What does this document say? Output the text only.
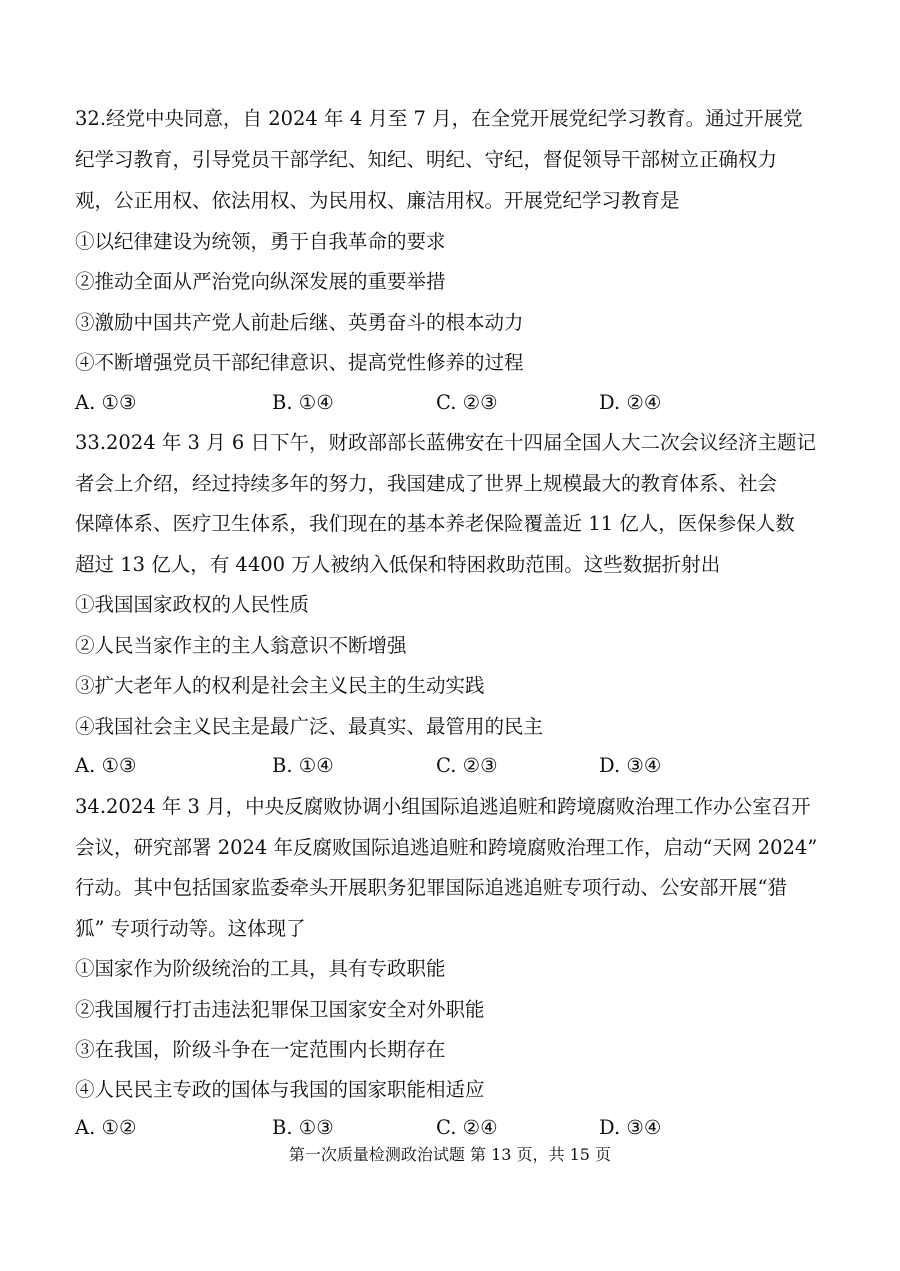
32.经党中央同意，自 2024 年 4 月至 7 月，在全党开展党纪学习教育。通过开展党
纪学习教育，引导党员干部学纪、知纪、明纪、守纪，督促领导干部树立正确权力
观，公正用权、依法用权、为民用权、廉洁用权。开展党纪学习教育是
①以纪律建设为统领，勇于自我革命的要求
②推动全面从严治党向纵深发展的重要举措
③激励中国共产党人前赴后继、英勇奋斗的根本动力
④不断增强党员干部纪律意识、提高党性修养的过程
A. ①③	B. ①④	C. ②③	D. ②④
33.2024 年 3 月 6 日下午，财政部部长蓝佛安在十四届全国人大二次会议经济主题记
者会上介绍，经过持续多年的努力，我国建成了世界上规模最大的教育体系、社会
保障体系、医疗卫生体系，我们现在的基本养老保险覆盖近 11 亿人，医保参保人数
超过 13 亿人，有 4400 万人被纳入低保和特困救助范围。这些数据折射出
①我国国家政权的人民性质
②人民当家作主的主人翁意识不断增强
③扩大老年人的权利是社会主义民主的生动实践
④我国社会主义民主是最广泛、最真实、最管用的民主
A. ①③	B. ①④	C. ②③	D. ③④
34.2024 年 3 月，中央反腐败协调小组国际追逃追赃和跨境腐败治理工作办公室召开
会议，研究部署 2024 年反腐败国际追逃追赃和跨境腐败治理工作，启动“天网 2024”
行动。其中包括国家监委牵头开展职务犯罪国际追逃追赃专项行动、公安部开展“猎
狐” 专项行动等。这体现了
①国家作为阶级统治的工具，具有专政职能
②我国履行打击违法犯罪保卫国家安全对外职能
③在我国，阶级斗争在一定范围内长期存在
④人民民主专政的国体与我国的国家职能相适应
A. ①②	B. ①③	C. ②④	D. ③④
第一次质量检测政治试题 第 13 页，共 15 页
